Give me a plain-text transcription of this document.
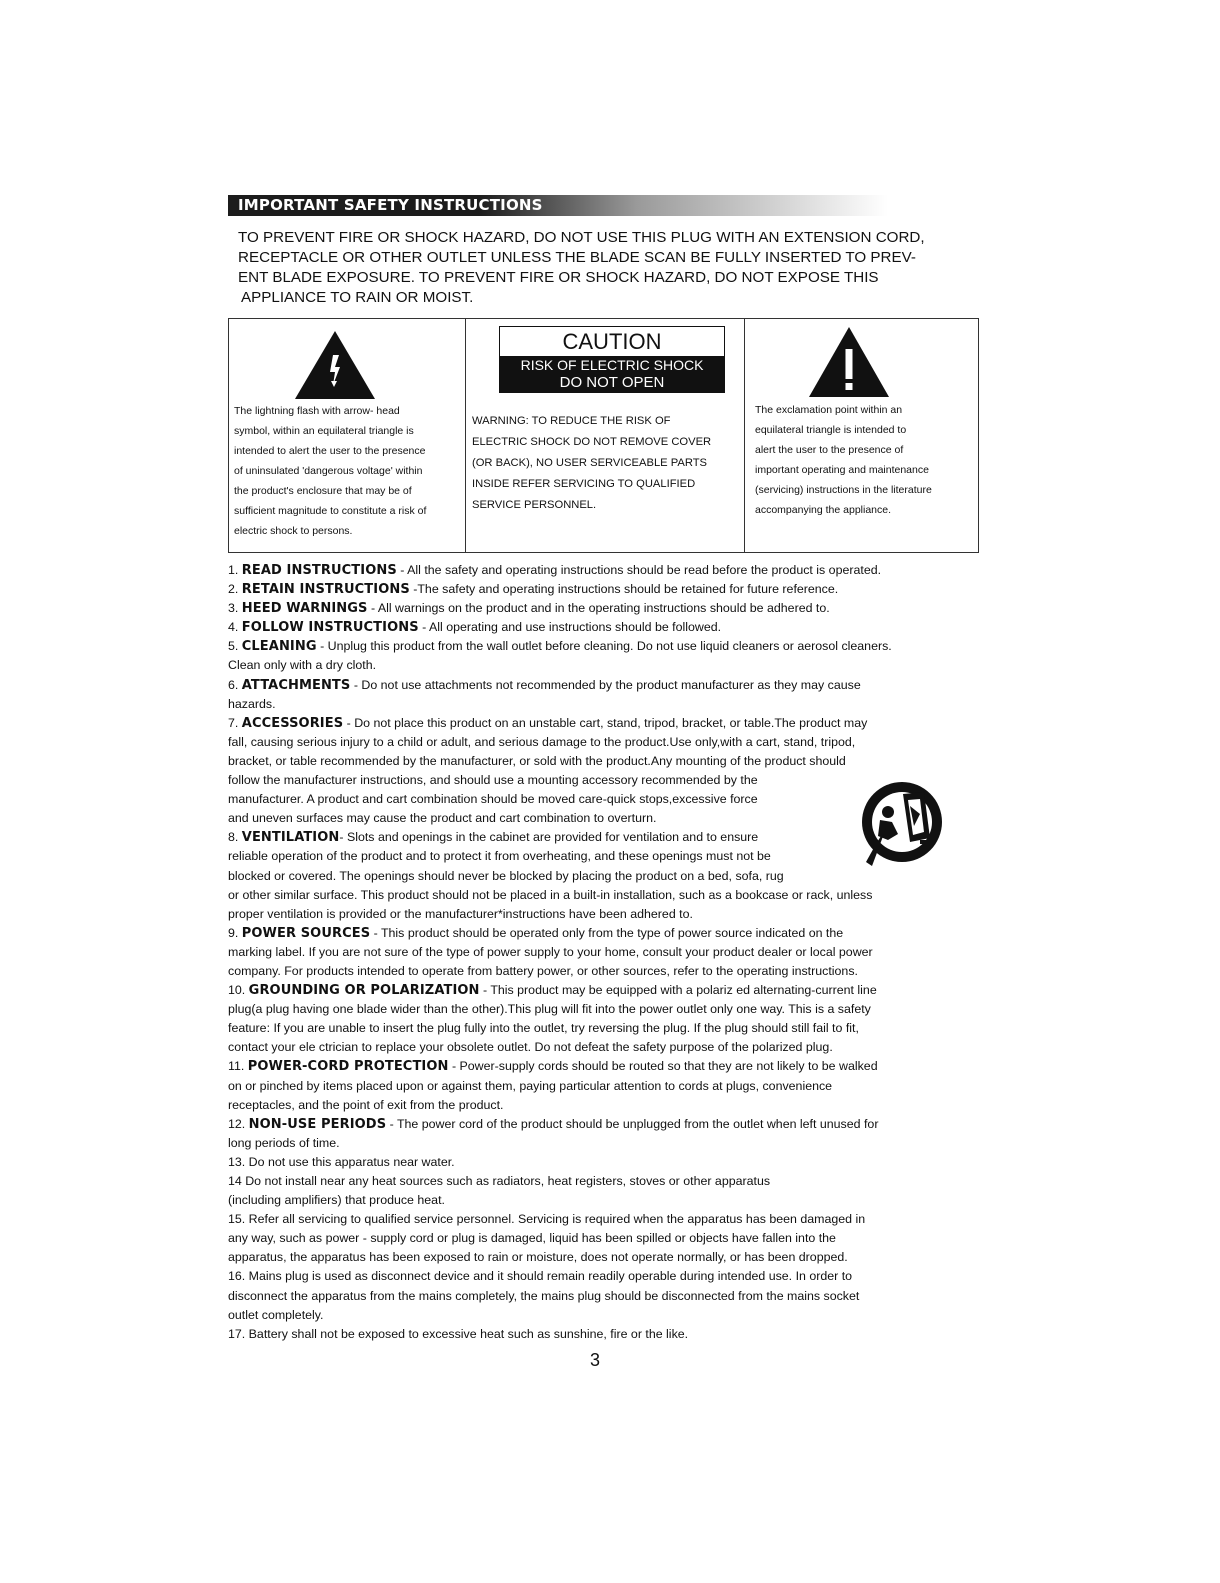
IMPORTANT SAFETY INSTRUCTIONS

TO PREVENT FIRE OR SHOCK HAZARD, DO NOT USE THIS PLUG WITH AN EXTENSION CORD,

RECEPTACLE OR OTHER OUTLET UNLESS THE BLADE SCAN BE FULLY INSERTED TO PREV-

ENT BLADE EXPOSURE. TO PREVENT FIRE OR SHOCK HAZARD, DO NOT EXPOSE THIS

APPLIANCE TO RAIN OR MOIST.

The lightning flash with arrow- head

symbol, within an equilateral triangle is

intended to alert the user to the presence

of uninsulated 'dangerous voltage' within

the product's enclosure that may be of

sufficient magnitude to constitute a risk of

electric shock to persons.

CAUTION
RISK OF ELECTRIC SHOCK
DO NOT OPEN

WARNING: TO REDUCE THE RISK OF

ELECTRIC SHOCK DO NOT REMOVE COVER

(OR BACK), NO USER SERVICEABLE PARTS

INSIDE REFER SERVICING TO QUALIFIED

SERVICE PERSONNEL.

The exclamation point within an

equilateral triangle is intended to

alert the user to the presence of

important operating and maintenance

(servicing) instructions in the literature

accompanying the appliance.

1. READ INSTRUCTIONS - All the safety and operating instructions should be read before the product is operated.

2. RETAIN INSTRUCTIONS -The safety and operating instructions should be retained for future reference.

3. HEED WARNINGS - All warnings on the product and in the operating instructions should be adhered to.

4. FOLLOW INSTRUCTIONS - All operating and use instructions should be followed.

5. CLEANING - Unplug this product from the wall outlet before cleaning. Do not use liquid cleaners or aerosol cleaners.

Clean only with a dry cloth.

6. ATTACHMENTS - Do not use attachments not recommended by the product manufacturer as they may cause

hazards.

7. ACCESSORIES - Do not place this product on an unstable cart, stand, tripod, bracket, or table.The product may

fall, causing serious injury to a child or adult, and serious damage to the product.Use only,with a cart, stand, tripod,

bracket, or table recommended by the manufacturer, or sold with the product.Any mounting of the product should

follow the manufacturer instructions, and should use a mounting accessory recommended by the

manufacturer. A product and cart combination should be moved care-quick stops,excessive force

and uneven surfaces may cause the product and cart combination to overturn.

8. VENTILATION- Slots and openings in the cabinet are provided for ventilation and to ensure

reliable operation of the product and to protect it from overheating, and these openings must not be

blocked or covered. The openings should never be blocked by placing the product on a bed, sofa, rug

or other similar surface. This product should not be placed in a built-in installation, such as a bookcase or rack, unless

proper ventilation is provided or the manufacturer*instructions have been adhered to.

9. POWER SOURCES - This product should be operated only from the type of power source indicated on the

marking label. If you are not sure of the type of power supply to your home, consult your product dealer or local power

company. For products intended to operate from battery power, or other sources, refer to the operating instructions.

10. GROUNDING OR POLARIZATION - This product may be equipped with a polariz ed alternating-current line

plug(a plug having one blade wider than the other).This plug will fit into the power outlet only one way. This is a safety

feature: If you are unable to insert the plug fully into the outlet, try reversing the plug. If the plug should still fail to fit,

contact your ele ctrician to replace your obsolete outlet. Do not defeat the safety purpose of the polarized plug.

11. POWER-CORD PROTECTION - Power-supply cords should be routed so that they are not likely to be walked

on or pinched by items placed upon or against them, paying particular attention to cords at plugs, convenience

receptacles, and the point of exit from the product.

12. NON-USE PERIODS - The power cord of the product should be unplugged from the outlet when left unused for

long periods of time.

13. Do not use this apparatus near water.

14 Do not install near any heat sources such as radiators, heat registers, stoves or other apparatus

(including amplifiers) that produce heat.

15. Refer all servicing to qualified service personnel. Servicing is required when the apparatus has been damaged in

any way, such as power - supply cord or plug is damaged, liquid has been spilled or objects have fallen into the

apparatus, the apparatus has been exposed to rain or moisture, does not operate normally, or has been dropped.

16. Mains plug is used as disconnect device and it should remain readily operable during intended use. In order to

disconnect the apparatus from the mains completely, the mains plug should be disconnected from the mains socket

outlet completely.

17. Battery shall not be exposed to excessive heat such as sunshine, fire or the like.

3
